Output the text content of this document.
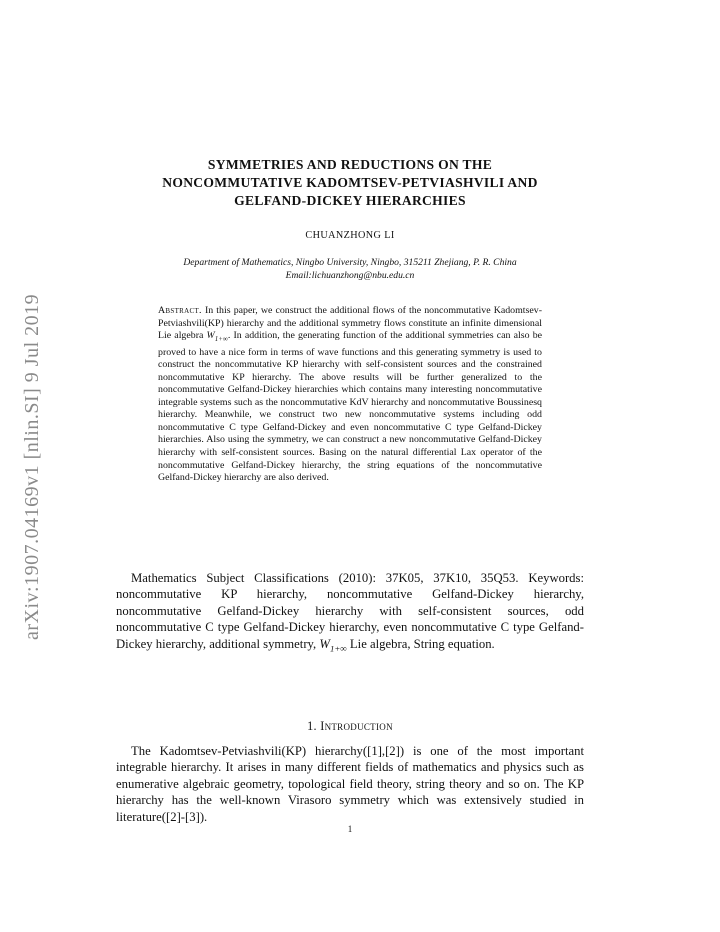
arXiv:1907.04169v1 [nlin.SI] 9 Jul 2019
SYMMETRIES AND REDUCTIONS ON THE
NONCOMMUTATIVE KADOMTSEV-PETVIASHVILI AND
GELFAND-DICKEY HIERARCHIES
CHUANZHONG LI
Department of Mathematics, Ningbo University, Ningbo, 315211 Zhejiang, P. R. China
Email:lichuanzhong@nbu.edu.cn
Abstract. In this paper, we construct the additional flows of the noncommutative Kadomtsev-Petviashvili(KP) hierarchy and the additional symmetry flows constitute an infinite dimensional Lie algebra $W_{1+\infty}$. In addition, the generating function of the additional symmetries can also be proved to have a nice form in terms of wave functions and this generating symmetry is used to construct the noncommutative KP hierarchy with self-consistent sources and the constrained noncommutative KP hierarchy. The above results will be further generalized to the noncommutative Gelfand-Dickey hierarchies which contains many interesting noncommutative integrable systems such as the noncommutative KdV hierarchy and noncommutative Boussinesq hierarchy. Meanwhile, we construct two new noncommutative systems including odd noncommutative C type Gelfand-Dickey and even noncommutative C type Gelfand-Dickey hierarchies. Also using the symmetry, we can construct a new noncommutative Gelfand-Dickey hierarchy with self-consistent sources. Basing on the natural differential Lax operator of the noncommutative Gelfand-Dickey hierarchy, the string equations of the noncommutative Gelfand-Dickey hierarchy are also derived.
Mathematics Subject Classifications (2010): 37K05, 37K10, 35Q53. Keywords: noncommutative KP hierarchy, noncommutative Gelfand-Dickey hierarchy, noncommutative Gelfand-Dickey hierarchy with self-consistent sources, odd noncommutative C type Gelfand-Dickey hierarchy, even noncommutative C type Gelfand-Dickey hierarchy, additional symmetry, $W_{1+\infty}$ Lie algebra, String equation.
1. Introduction
The Kadomtsev-Petviashvili(KP) hierarchy([1],[2]) is one of the most important integrable hierarchy. It arises in many different fields of mathematics and physics such as enumerative algebraic geometry, topological field theory, string theory and so on. The KP hierarchy has the well-known Virasoro symmetry which was extensively studied in literature([2]-[3]).
1
